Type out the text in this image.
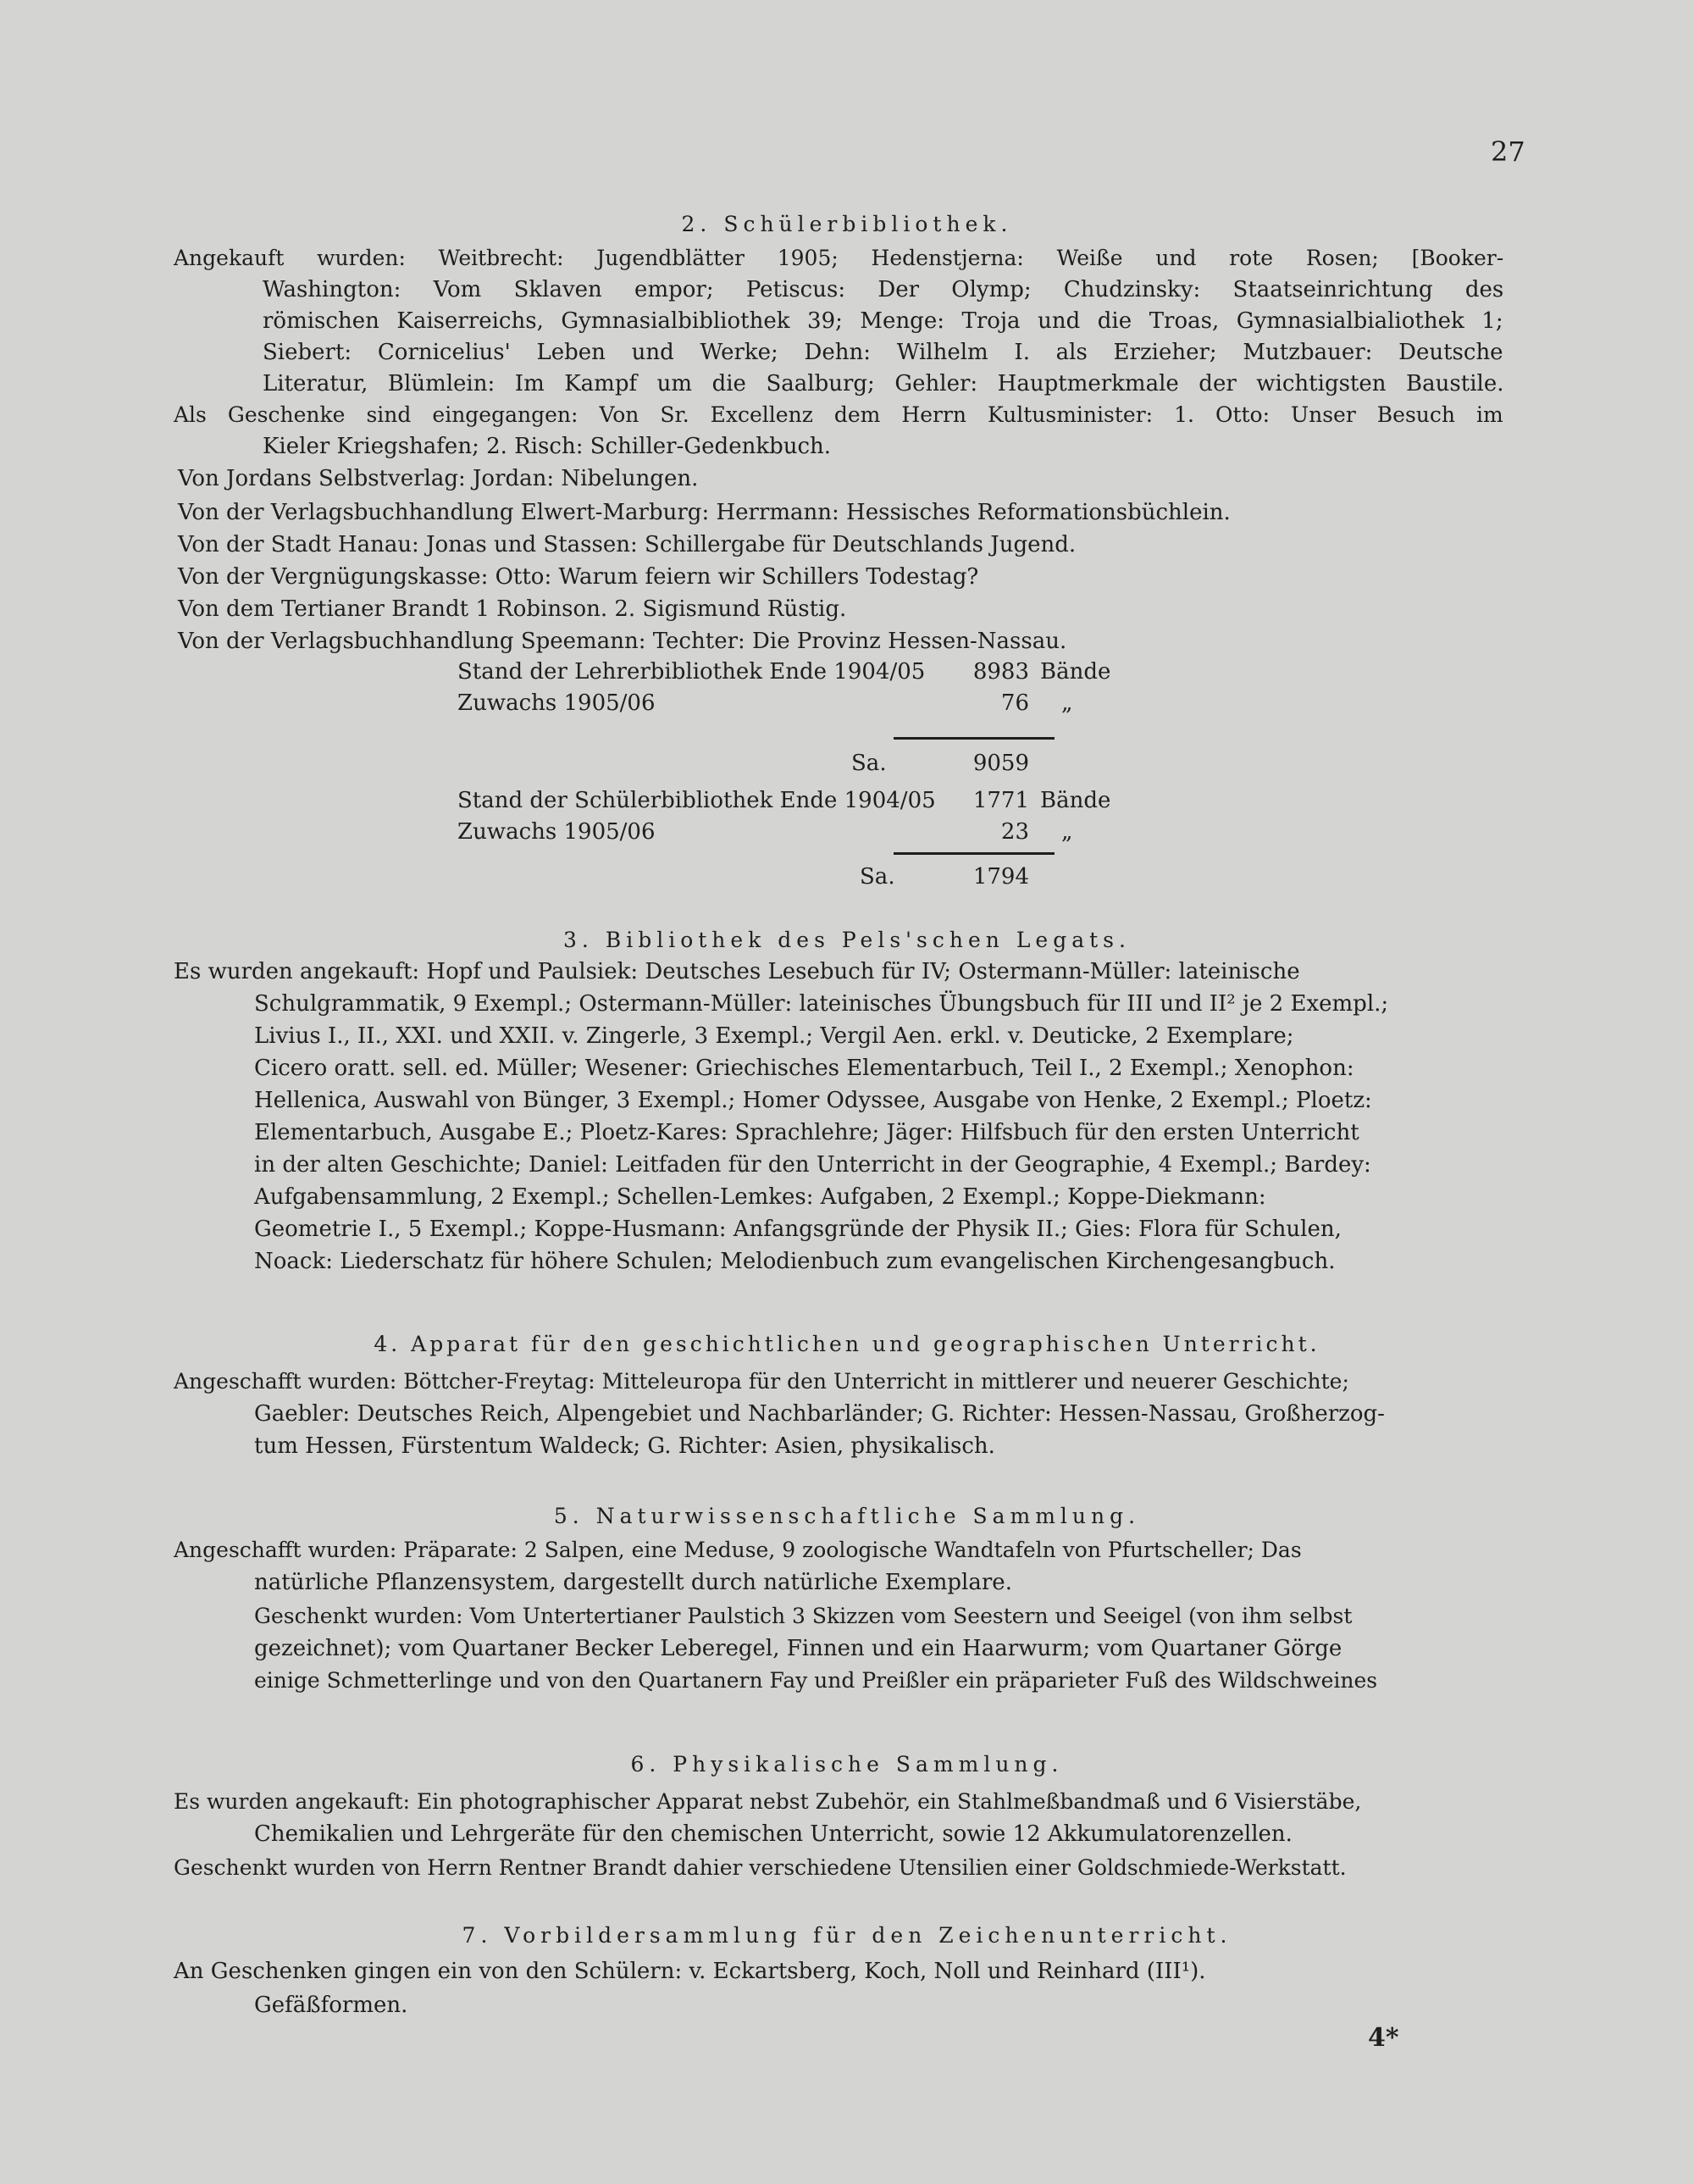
27
2. Schülerbibliothek.
Angekauft wurden: Weitbrecht: Jugendblätter 1905; Hedenstjerna: Weiße und rote Rosen; [Booker-
Washington: Vom Sklaven empor; Petiscus: Der Olymp; Chudzinsky: Staatseinrichtung des
römischen Kaiserreichs, Gymnasialbibliothek 39; Menge: Troja und die Troas, Gymnasialbialiothek 1;
Siebert: Cornicelius' Leben und Werke; Dehn: Wilhelm I. als Erzieher; Mutzbauer: Deutsche
Literatur, Blümlein: Im Kampf um die Saalburg; Gehler: Hauptmerkmale der wichtigsten Baustile.
Als Geschenke sind eingegangen: Von Sr. Excellenz dem Herrn Kultusminister: 1. Otto: Unser Besuch im
Kieler Kriegshafen; 2. Risch: Schiller-Gedenkbuch.
Von Jordans Selbstverlag: Jordan: Nibelungen.
Von der Verlagsbuchhandlung Elwert-Marburg: Herrmann: Hessisches Reformationsbüchlein.
Von der Stadt Hanau: Jonas und Stassen: Schillergabe für Deutschlands Jugend.
Von der Vergnügungskasse: Otto: Warum feiern wir Schillers Todestag?
Von dem Tertianer Brandt 1 Robinson. 2. Sigismund Rüstig.
Von der Verlagsbuchhandlung Speemann: Techter: Die Provinz Hessen-Nassau.
Stand der Lehrerbibliothek Ende 1904/05	8983 Bände
Zuwachs 1905/06	76 „
Sa.	9059
Stand der Schülerbibliothek Ende 1904/05	1771 Bände
Zuwachs 1905/06	23 „
Sa.	1794
3. Bibliothek des Pels'schen Legats.
Es wurden angekauft: Hopf und Paulsiek: Deutsches Lesebuch für IV; Ostermann-Müller: lateinische
Schulgrammatik, 9 Exempl.; Ostermann-Müller: lateinisches Übungsbuch für III und II² je 2 Exempl.;
Livius I., II., XXI. und XXII. v. Zingerle, 3 Exempl.; Vergil Aen. erkl. v. Deuticke, 2 Exemplare;
Cicero oratt. sell. ed. Müller; Wesener: Griechisches Elementarbuch, Teil I., 2 Exempl.; Xenophon:
Hellenica, Auswahl von Bünger, 3 Exempl.; Homer Odyssee, Ausgabe von Henke, 2 Exempl.; Ploetz:
Elementarbuch, Ausgabe E.; Ploetz-Kares: Sprachlehre; Jäger: Hilfsbuch für den ersten Unterricht
in der alten Geschichte; Daniel: Leitfaden für den Unterricht in der Geographie, 4 Exempl.; Bardey:
Aufgabensammlung, 2 Exempl.; Schellen-Lemkes: Aufgaben, 2 Exempl.; Koppe-Diekmann:
Geometrie I., 5 Exempl.; Koppe-Husmann: Anfangsgründe der Physik II.; Gies: Flora für Schulen,
Noack: Liederschatz für höhere Schulen; Melodienbuch zum evangelischen Kirchengesangbuch.
4. Apparat für den geschichtlichen und geographischen Unterricht.
Angeschafft wurden: Böttcher-Freytag: Mitteleuropa für den Unterricht in mittlerer und neuerer Geschichte;
Gaebler: Deutsches Reich, Alpengebiet und Nachbarländer; G. Richter: Hessen-Nassau, Großherzog-
tum Hessen, Fürstentum Waldeck; G. Richter: Asien, physikalisch.
5. Naturwissenschaftliche Sammlung.
Angeschafft wurden: Präparate: 2 Salpen, eine Meduse, 9 zoologische Wandtafeln von Pfurtscheller; Das
natürliche Pflanzensystem, dargestellt durch natürliche Exemplare.
Geschenkt wurden: Vom Untertertianer Paulstich 3 Skizzen vom Seestern und Seeigel (von ihm selbst
gezeichnet); vom Quartaner Becker Leberegel, Finnen und ein Haarwurm; vom Quartaner Görge
einige Schmetterlinge und von den Quartanern Fay und Preißler ein präparieter Fuß des Wildschweines
6. Physikalische Sammlung.
Es wurden angekauft: Ein photographischer Apparat nebst Zubehör, ein Stahlmeßbandmaß und 6 Visierstäbe,
Chemikalien und Lehrgeräte für den chemischen Unterricht, sowie 12 Akkumulatorenzellen.
Geschenkt wurden von Herrn Rentner Brandt dahier verschiedene Utensilien einer Goldschmiede-Werkstatt.
7. Vorbildersammlung für den Zeichenunterricht.
An Geschenken gingen ein von den Schülern: v. Eckartsberg, Koch, Noll und Reinhard (III¹).
Gefäßformen.
4*
